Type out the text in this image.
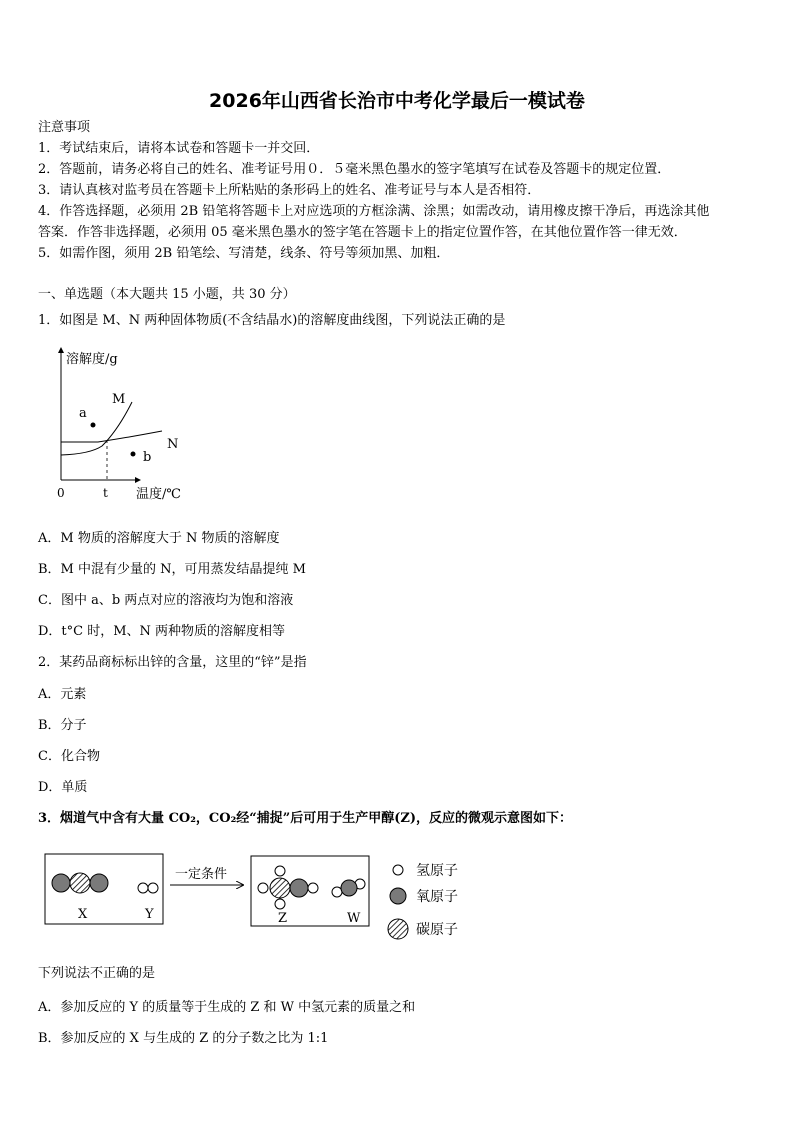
2026年山西省长治市中考化学最后一模试卷
注意事项
1．考试结束后，请将本试卷和答题卡一并交回．
2．答题前，请务必将自己的姓名、准考证号用０．５毫米黑色墨水的签字笔填写在试卷及答题卡的规定位置．
3．请认真核对监考员在答题卡上所粘贴的条形码上的姓名、准考证号与本人是否相符．
4．作答选择题，必须用 2B 铅笔将答题卡上对应选项的方框涂满、涂黑；如需改动，请用橡皮擦干净后，再选涂其他
答案．作答非选择题，必须用 05 毫米黑色墨水的签字笔在答题卡上的指定位置作答，在其他位置作答一律无效．
5．如需作图，须用 2B 铅笔绘、写清楚，线条、符号等须加黑、加粗．
一、单选题（本大题共 15 小题，共 30 分）
1．如图是 M、N 两种固体物质(不含结晶水)的溶解度曲线图，下列说法正确的是
溶解度/g
温度/℃
0	t
M
N
a
b
A．M 物质的溶解度大于 N 物质的溶解度
B．M 中混有少量的 N，可用蒸发结晶提纯 M
C．图中 a、b 两点对应的溶液均为饱和溶液
D．t°C 时，M、N 两种物质的溶解度相等
2．某药品商标标出锌的含量，这里的“锌”是指
A．元素
B．分子
C．化合物
D．单质
3．烟道气中含有大量 CO₂，CO₂经“捕捉”后可用于生产甲醇(Z)，反应的微观示意图如下：
X	Y
一定条件
Z	W
氢原子
氧原子
碳原子
下列说法不正确的是
A．参加反应的 Y 的质量等于生成的 Z 和 W 中氢元素的质量之和
B．参加反应的 X 与生成的 Z 的分子数之比为 1:1
